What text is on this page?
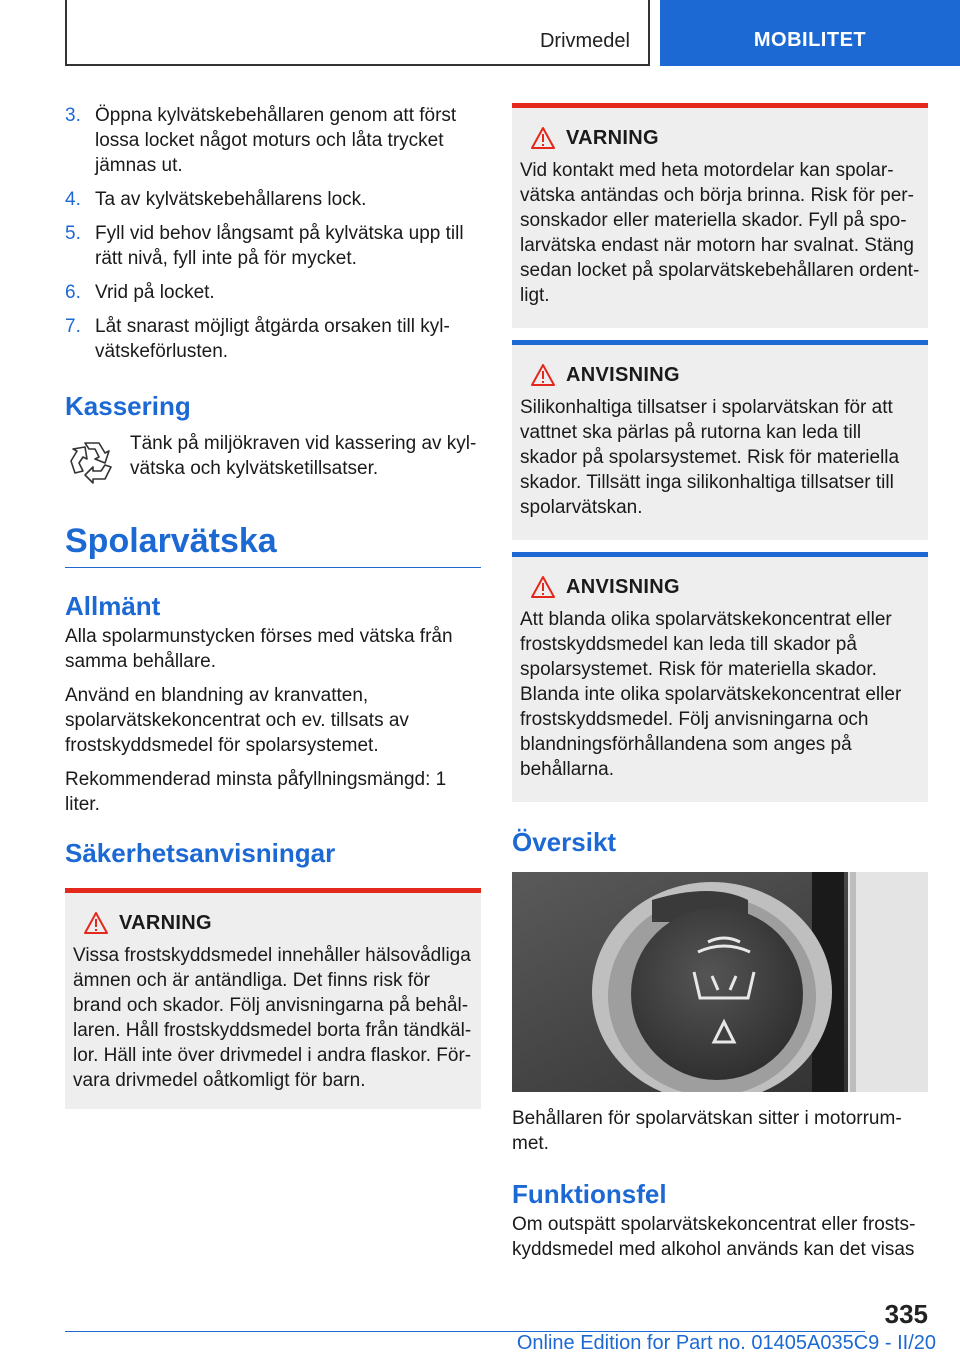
Drivmedel	MOBILITET
3. Öppna kylvätskebehållaren genom att först lossa locket något moturs och låta trycket jämnas ut.
4. Ta av kylvätskebehållarens lock.
5. Fyll vid behov långsamt på kylvätska upp till rätt nivå, fyll inte på för mycket.
6. Vrid på locket.
7. Låt snarast möjligt åtgärda orsaken till kylvätskeförlusten.
Kassering
Tänk på miljökraven vid kassering av kylvätska och kylvätsketillsatser.
Spolarvätska
Allmänt

Alla spolarmunstycken förses med vätska från samma behållare.

Använd en blandning av kranvatten, spolarvätskekoncentrat och ev. tillsats av frostskyddsmedel för spolarsystemet.

Rekommenderad minsta påfyllningsmängd: 1 liter.

Säkerhetsanvisningar
VARNING
Vissa frostskyddsmedel innehåller hälsovådliga ämnen och är antändliga. Det finns risk för brand och skador. Följ anvisningarna på behållaren. Håll frostskyddsmedel borta från tändkällor. Häll inte över drivmedel i andra flaskor. Förvara drivmedel oåtkomligt för barn.
VARNING
Vid kontakt med heta motordelar kan spolarvätska antändas och börja brinna. Risk för personskador eller materiella skador. Fyll på spolarvätska endast när motorn har svalnat. Stäng sedan locket på spolarvätskebehållaren ordentligt.
ANVISNING
Silikonhaltiga tillsatser i spolarvätskan för att vattnet ska pärlas på rutorna kan leda till skador på spolarsystemet. Risk för materiella skador. Tillsätt inga silikonhaltiga tillsatser till spolarvätskan.
ANVISNING
Att blanda olika spolarvätskekoncentrat eller frostskyddsmedel kan leda till skador på spolarsystemet. Risk för materiella skador. Blanda inte olika spolarvätskekoncentrat eller frostskyddsmedel. Följ anvisningarna och blandningsförhållandena som anges på behållarna.
Översikt

Behållaren för spolarvätskan sitter i motorrummet.

Funktionsfel

Om outspätt spolarvätskekoncentrat eller frostskyddsmedel med alkohol används kan det visas

335
Online Edition for Part no. 01405A035C9 - II/20
